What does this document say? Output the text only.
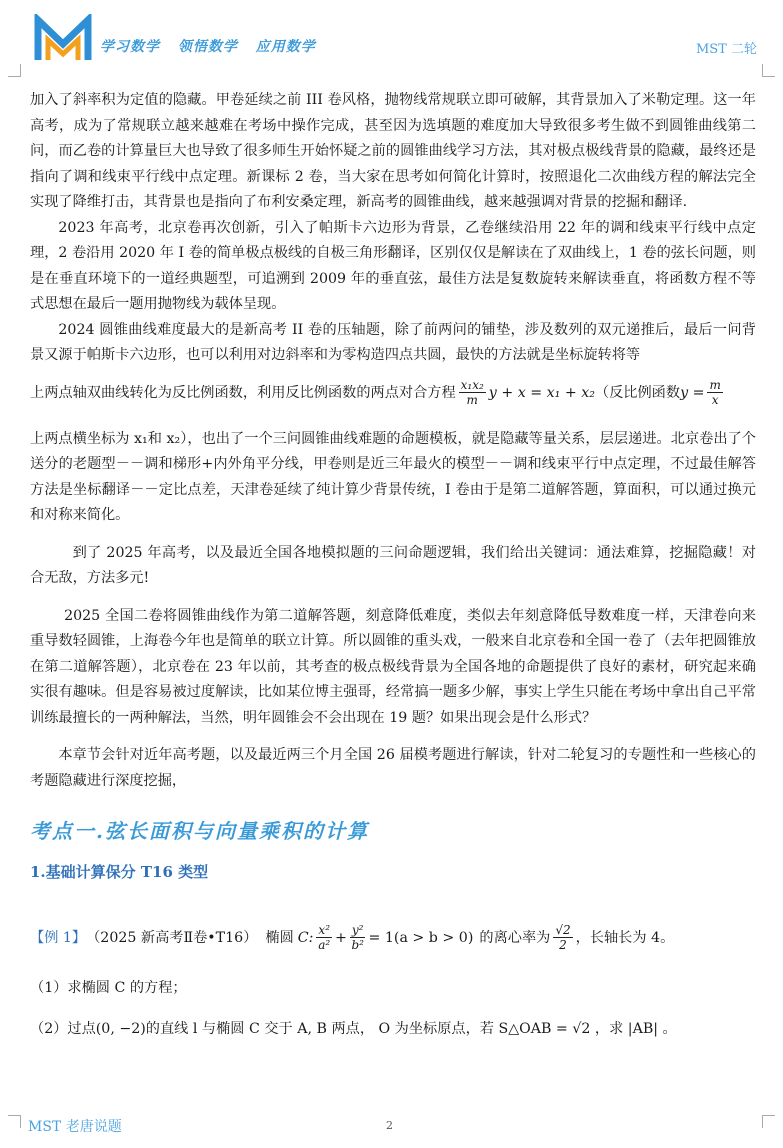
学习数学 领悟数学 应用数学	MST 二轮

加入了斜率积为定值的隐藏。甲卷延续之前 III 卷风格，抛物线常规联立即可破解，其背景加入了米勒定理。这一年高考，成为了常规联立越来越难在考场中操作完成，甚至因为选填题的难度加大导致很多考生做不到圆锥曲线第二问，而乙卷的计算量巨大也导致了很多师生开始怀疑之前的圆锥曲线学习方法，其对极点极线背景的隐藏，最终还是指向了调和线束平行线中点定理。新课标 2 卷，当大家在思考如何简化计算时，按照退化二次曲线方程的解法完全实现了降维打击，其背景也是指向了布利安桑定理，新高考的圆锥曲线，越来越强调对背景的挖掘和翻译.

2023 年高考，北京卷再次创新，引入了帕斯卡六边形为背景，乙卷继续沿用 22 年的调和线束平行线中点定理，2 卷沿用 2020 年 I 卷的简单极点极线的自极三角形翻译，区别仅仅是解读在了双曲线上，1 卷的弦长问题，则是在垂直环境下的一道经典题型，可追溯到 2009 年的垂直弦，最佳方法是复数旋转来解读垂直，将函数方程不等式思想在最后一题用抛物线为载体呈现。

2024 圆锥曲线难度最大的是新高考 II 卷的压轴题，除了前两问的铺垫，涉及数列的双元递推后，最后一问背景又源于帕斯卡六边形，也可以利用对边斜率和为零构造四点共圆，最快的方法就是坐标旋转将等

上两点轴双曲线转化为反比例函数，利用反比例函数的两点对合方程 $\frac{\text{x₁x₂}}{m}$ y + x = x₁ + x₂ （反比例函数 $y = \frac{m}{x}$

上两点横坐标为 x₁和 x₂），也出了一个三问圆锥曲线难题的命题模板，就是隐藏等量关系，层层递进。北京卷出了个送分的老题型－－调和梯形+内外角平分线，甲卷则是近三年最火的模型－－调和线束平行中点定理，不过最佳解答方法是坐标翻译－－定比点差，天津卷延续了纯计算少背景传统，I 卷由于是第二道解答题，算面积，可以通过换元和对称来简化。

到了 2025 年高考，以及最近全国各地模拟题的三问命题逻辑，我们给出关键词：通法难算，挖掘隐藏！对合无敌，方法多元!

2025 全国二卷将圆锥曲线作为第二道解答题，刻意降低难度，类似去年刻意降低导数难度一样，天津卷向来重导数轻圆锥，上海卷今年也是简单的联立计算。所以圆锥的重头戏，一般来自北京卷和全国一卷了（去年把圆锥放在第二道解答题），北京卷在 23 年以前，其考查的极点极线背景为全国各地的命题提供了良好的素材，研究起来确实很有趣味。但是容易被过度解读，比如某位博主强哥，经常搞一题多少解，事实上学生只能在考场中拿出自己平常训练最擅长的一两种解法，当然，明年圆锥会不会出现在 19 题？如果出现会是什么形式？

本章节会针对近年高考题，以及最近两三个月全国 26 届模考题进行解读，针对二轮复习的专题性和一些核心的考题隐藏进行深度挖掘，

考点一.弦长面积与向量乘积的计算

1.基础计算保分 T16 类型

【例 1】 （2025 新高考Ⅱ卷•T16） 椭圆 C: $\frac{\text{x²}}{\text{a²}} + \frac{\text{y²}}{\text{b²}} = 1(a > b > 0)$ 的离心率为 $\frac{√2}{2}$ ，长轴长为 4。

（1）求椭圆 C 的方程；

（2）过点(0, −2)的直线 l 与椭圆 C 交于 A, B 两点， O 为坐标原点，若 S△OAB = √2 ，求 |AB| 。

MST 老唐说题	2
